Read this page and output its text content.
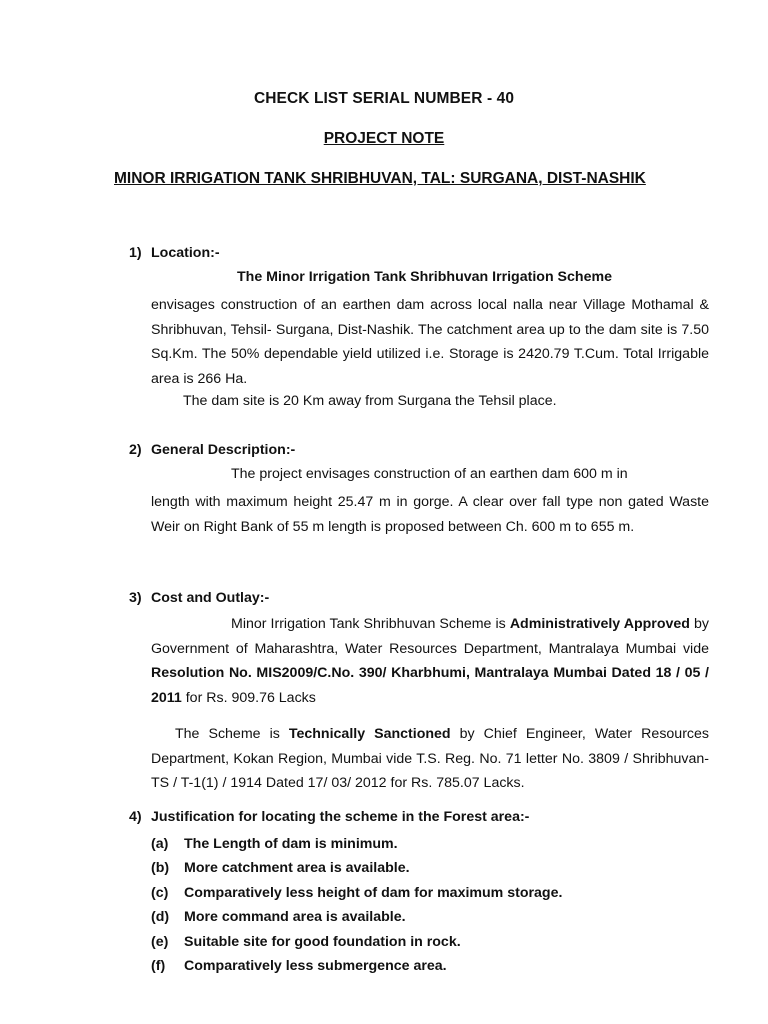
CHECK LIST SERIAL NUMBER - 40
PROJECT NOTE
MINOR IRRIGATION TANK SHRIBHUVAN, TAL: SURGANA, DIST-NASHIK
1) Location:-
The Minor Irrigation Tank Shribhuvan Irrigation Scheme
envisages construction of an earthen dam across local nalla near Village Mothamal & Shribhuvan, Tehsil- Surgana, Dist-Nashik. The catchment area up to the dam site is 7.50 Sq.Km. The 50% dependable yield utilized i.e. Storage is 2420.79 T.Cum. Total Irrigable area is 266 Ha.
The dam site is 20 Km away from Surgana the Tehsil place.
2) General Description:-
The project envisages construction of an earthen dam 600 m in
length with maximum height 25.47 m in gorge. A clear over fall type non gated Waste Weir on Right Bank of 55 m length is proposed between Ch. 600 m to 655 m.
3) Cost and Outlay:-
Minor Irrigation Tank Shribhuvan Scheme is Administratively Approved by Government of Maharashtra, Water Resources Department, Mantralaya Mumbai vide Resolution No. MIS2009/C.No. 390/ Kharbhumi, Mantralaya Mumbai Dated 18 / 05 / 2011 for Rs. 909.76 Lacks
The Scheme is Technically Sanctioned by Chief Engineer, Water Resources Department, Kokan Region, Mumbai vide T.S. Reg. No. 71 letter No. 3809 / Shribhuvan-TS / T-1(1) / 1914 Dated 17/ 03/ 2012 for Rs. 785.07 Lacks.
4) Justification for locating the scheme in the Forest area:-
(a) The Length of dam is minimum.
(b) More catchment area is available.
(c) Comparatively less height of dam for maximum storage.
(d) More command area is available.
(e) Suitable site for good foundation in rock.
(f) Comparatively less submergence area.
